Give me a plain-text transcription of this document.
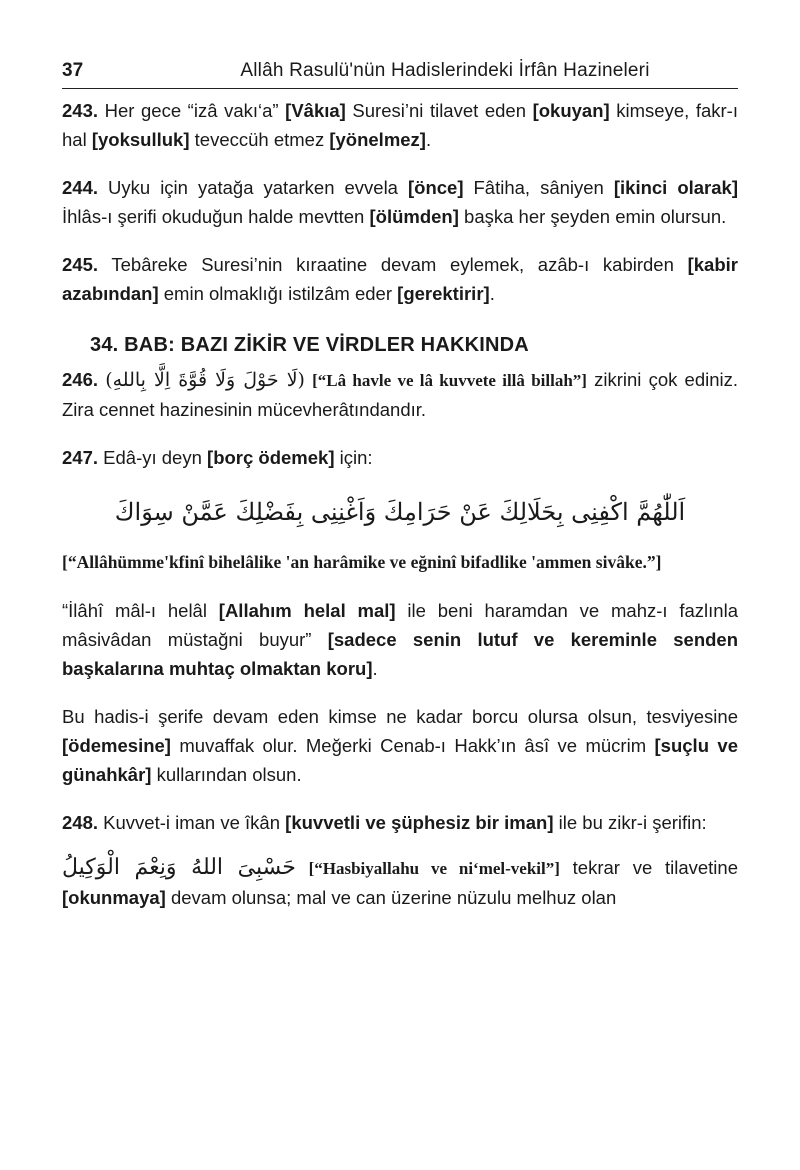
37	Allâh Rasulü'nün Hadislerindeki İrfân Hazineleri

243. Her gece “izâ vakı‘a” [Vâkıa] Suresi’ni tilavet eden [okuyan] kimseye, fakr-ı hal [yoksulluk] teveccüh etmez [yönelmez].

244. Uyku için yatağa yatarken evvela [önce] Fâtiha, sâniyen [ikinci olarak] İhlâs-ı şerifi okuduğun halde mevtten [ölümden] başka her şeyden emin olursun.

245. Tebâreke Suresi’nin kıraatine devam eylemek, azâb-ı kabirden [kabir azabından] emin olmaklığı istilzâm eder [gerektirir].

34. BAB: BAZI ZİKİR VE VİRDLER HAKKINDA

246. (لَا حَوْلَ وَلَا قُوَّةَ اِلَّا بِاللهِ) [“Lâ havle ve lâ kuvvete illâ billah”] zikrini çok ediniz. Zira cennet hazinesinin mücevherâtındandır.

247. Edâ-yı deyn [borç ödemek] için:

اَللّٰهُمَّ اكْفِنِى بِحَلَالِكَ عَنْ حَرَامِكَ وَاَغْنِنِى بِفَضْلِكَ عَمَّنْ سِوَاكَ

[“Allâhümme'kfinî bihelâlike 'an harâmike ve eğninî bifadlike 'ammen sivâke.”]

“İlâhî mâl-ı helâl [Allahım helal mal] ile beni haramdan ve mahz-ı fazlınla mâsivâdan müstağni buyur” [sadece senin lutuf ve kereminle senden başkalarına muhtaç olmaktan koru].

Bu hadis-i şerife devam eden kimse ne kadar borcu olursa olsun, tesviyesine [ödemesine] muvaffak olur. Meğerki Cenab-ı Hakk’ın âsî ve mücrim [suçlu ve günahkâr] kullarından olsun.

248. Kuvvet-i iman ve îkân [kuvvetli ve şüphesiz bir iman] ile bu zikr-i şerifin:

حَسْبِىَ اللهُ وَنِعْمَ الْوَكِيلُ [“Hasbiyallahu ve ni‘mel-vekil”] tekrar ve tilavetine [okunmaya] devam olunsa; mal ve can üzerine nüzulu melhuz olan
